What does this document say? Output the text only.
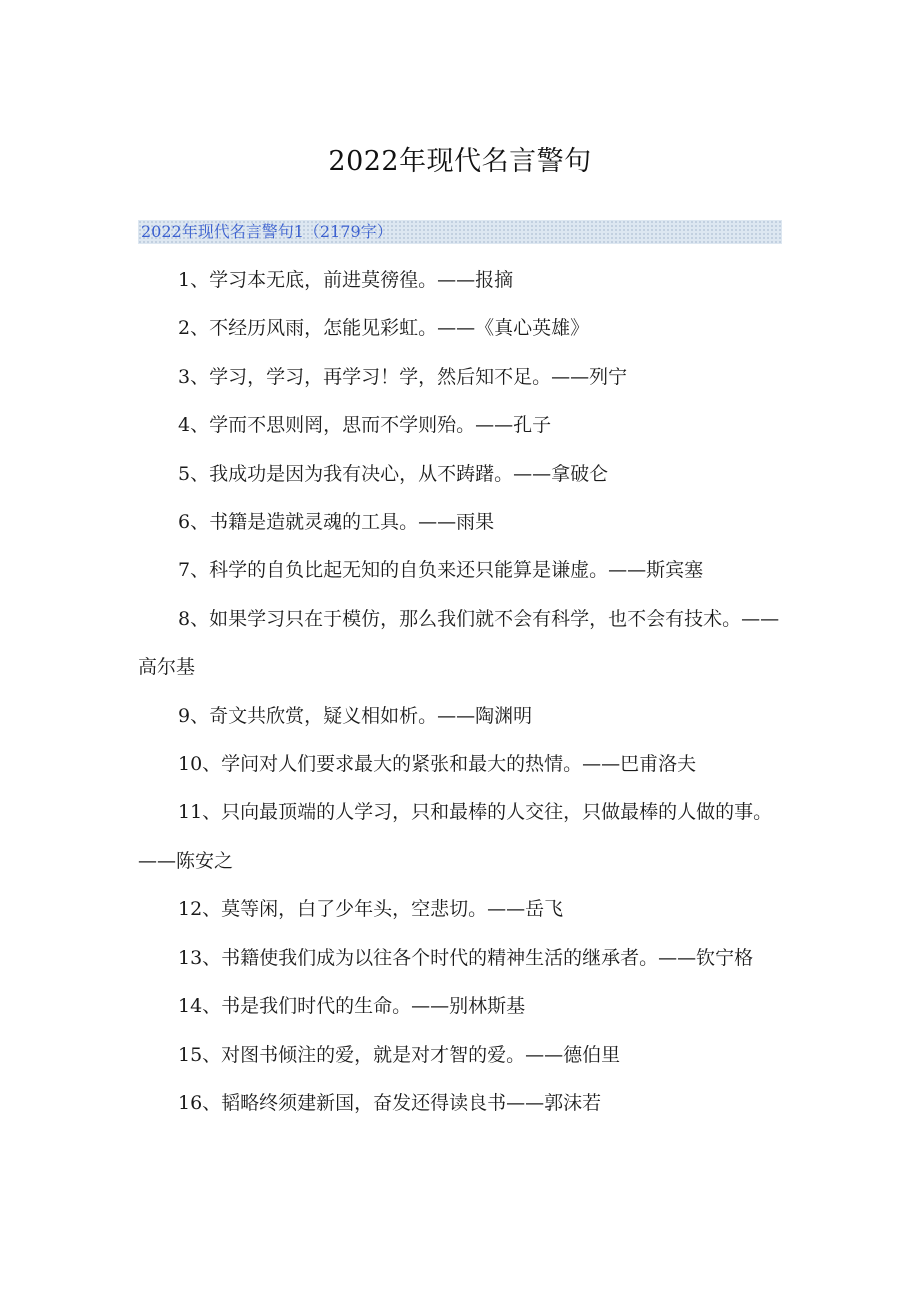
2022年现代名言警句
2022年现代名言警句1（2179字）

1、学习本无底，前进莫徬徨。——报摘

2、不经历风雨，怎能见彩虹。——《真心英雄》

3、学习，学习，再学习！学，然后知不足。——列宁

4、学而不思则罔，思而不学则殆。——孔子

5、我成功是因为我有决心，从不踌躇。——拿破仑

6、书籍是造就灵魂的工具。——雨果

7、科学的自负比起无知的自负来还只能算是谦虚。——斯宾塞

8、如果学习只在于模仿，那么我们就不会有科学，也不会有技术。——高尔基

9、奇文共欣赏，疑义相如析。——陶渊明

10、学问对人们要求最大的紧张和最大的热情。——巴甫洛夫

11、只向最顶端的人学习，只和最棒的人交往，只做最棒的人做的事。——陈安之

12、莫等闲，白了少年头，空悲切。——岳飞

13、书籍使我们成为以往各个时代的精神生活的继承者。——钦宁格

14、书是我们时代的生命。——别林斯基

15、对图书倾注的爱，就是对才智的爱。——德伯里

16、韬略终须建新国，奋发还得读良书——郭沫若
